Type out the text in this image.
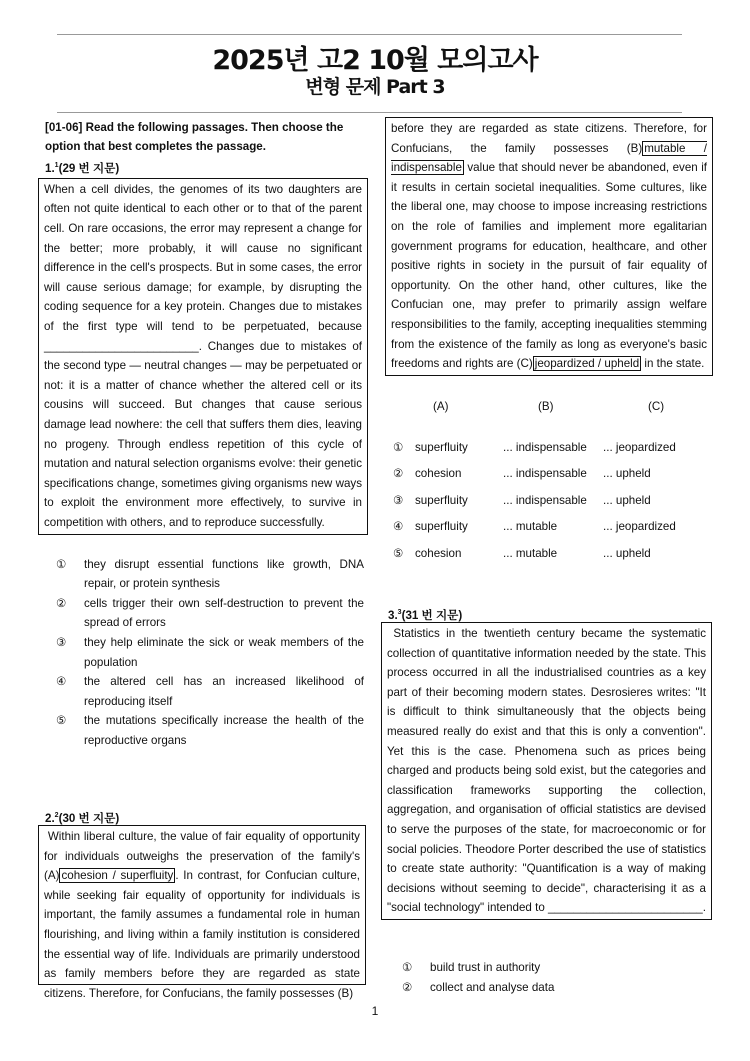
2025년 고2 10월 모의고사
변형 문제 Part 3
[01-06] Read the following passages. Then choose the option that best completes the passage.
1.$^1$(29 번 지문)
When a cell divides, the genomes of its two daughters are often not quite identical to each other or to that of the parent cell. On rare occasions, the error may represent a change for the better; more probably, it will cause no significant difference in the cell's prospects. But in some cases, the error will cause serious damage; for example, by disrupting the coding sequence for a key protein. Changes due to mistakes of the first type will tend to be perpetuated, because ________________________. Changes due to mistakes of the second type — neutral changes — may be perpetuated or not: it is a matter of chance whether the altered cell or its cousins will succeed. But changes that cause serious damage lead nowhere: the cell that suffers them dies, leaving no progeny. Through endless repetition of this cycle of mutation and natural selection organisms evolve: their genetic specifications change, sometimes giving organisms new ways to exploit the environment more effectively, to survive in competition with others, and to reproduce successfully.
①	they disrupt essential functions like growth, DNA repair, or protein synthesis
②	cells trigger their own self-destruction to prevent the spread of errors
③	they help eliminate the sick or weak members of the population
④	the altered cell has an increased likelihood of reproducing itself
⑤	the mutations specifically increase the health of the reproductive organs
2.$^2$(30 번 지문)
Within liberal culture, the value of fair equality of opportunity for individuals outweighs the preservation of the family's (A) cohesion / superfluity . In contrast, for Confucian culture, while seeking fair equality of opportunity for individuals is important, the family assumes a fundamental role in human flourishing, and living within a family institution is considered the essential way of life. Individuals are primarily understood as family members before they are regarded as state citizens. Therefore, for Confucians, the family possesses (B)
before they are regarded as state citizens. Therefore, for Confucians, the family possesses (B) mutable / indispensable value that should never be abandoned, even if it results in certain societal inequalities. Some cultures, like the liberal one, may choose to impose increasing restrictions on the role of families and implement more egalitarian government programs for education, healthcare, and other positive rights in society in the pursuit of fair equality of opportunity. On the other hand, other cultures, like the Confucian one, may prefer to primarily assign welfare responsibilities to the family, accepting inequalities stemming from the existence of the family as long as everyone's basic freedoms and rights are (C) jeopardized / upheld in the state.
(A)	(B)	(C)
① superfluity	... indispensable	... jeopardized
② cohesion	... indispensable	... upheld
③ superfluity	... indispensable	... upheld
④ superfluity	... mutable	... jeopardized
⑤ cohesion	... mutable	... upheld
3.$^3$(31 번 지문)
Statistics in the twentieth century became the systematic collection of quantitative information needed by the state. This process occurred in all the industrialised countries as a key part of their becoming modern states. Desrosieres writes: "It is difficult to think simultaneously that the objects being measured really do exist and that this is only a convention". Yet this is the case. Phenomena such as prices being charged and products being sold exist, but the categories and classification frameworks supporting the collection, aggregation, and organisation of official statistics are devised to serve the purposes of the state, for macroeconomic or for social policies. Theodore Porter described the use of statistics to create state authority: "Quantification is a way of making decisions without seeming to decide", characterising it as a "social technology" intended to ________________________.
①	build trust in authority
②	collect and analyse data
1
